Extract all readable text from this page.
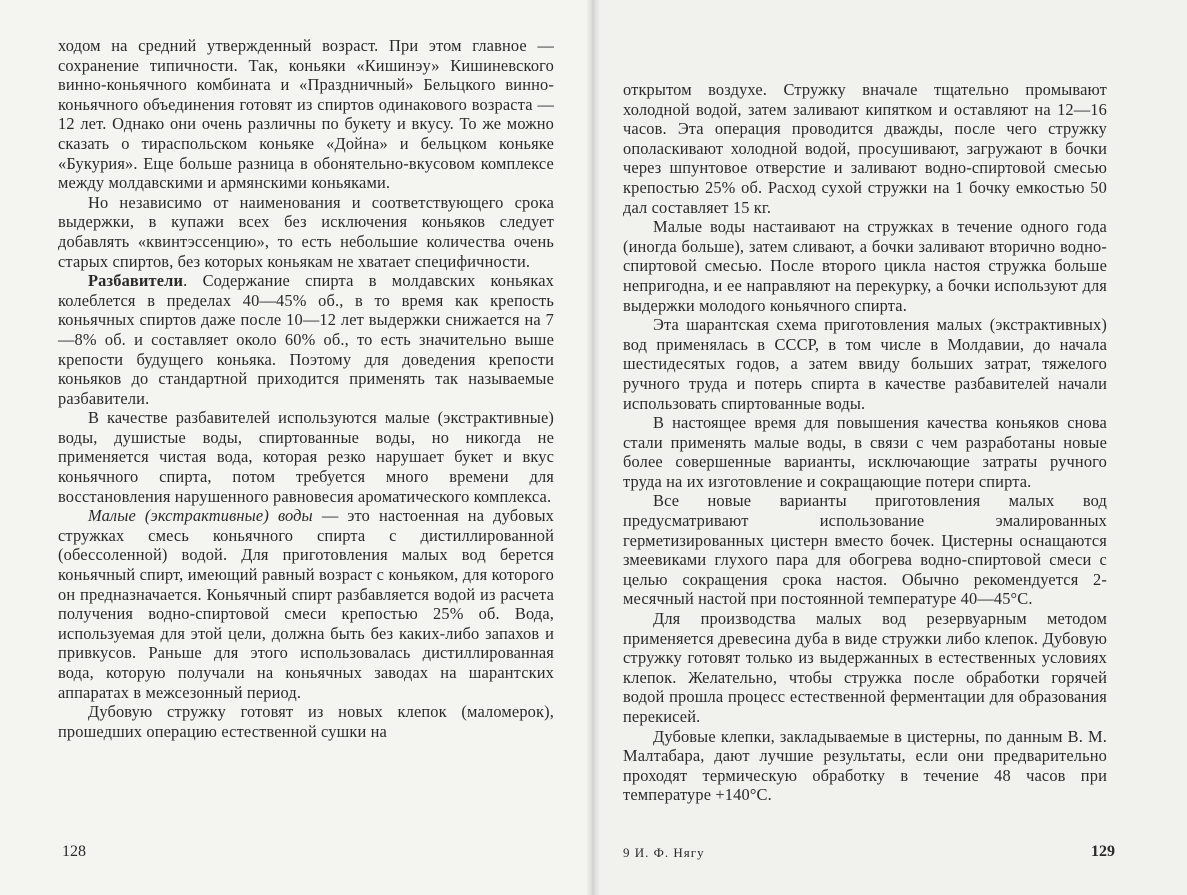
ходом на средний утвержденный возраст. При этом главное — сохранение типичности. Так, коньяки «Кишинэу» Кишиневского винно-коньячного комбината и «Праздничный» Бельцкого винно-коньячного объединения готовят из спиртов одинакового возраста — 12 лет. Однако они очень различны по букету и вкусу. То же можно сказать о тираспольском коньяке «Дойна» и бельцком коньяке «Букурия». Еще больше разница в обонятельно-вкусовом комплексе между молдавскими и армянскими коньяками.

Но независимо от наименования и соответствующего срока выдержки, в купажи всех без исключения коньяков следует добавлять «квинтэссенцию», то есть небольшие количества очень старых спиртов, без которых коньякам не хватает специфичности.

Разбавители. Содержание спирта в молдавских коньяках колеблется в пределах 40—45% об., в то время как крепость коньячных спиртов даже после 10—12 лет выдержки снижается на 7—8% об. и составляет около 60% об., то есть значительно выше крепости будущего коньяка. Поэтому для доведения крепости коньяков до стандартной приходится применять так называемые разбавители.

В качестве разбавителей используются малые (экстрактивные) воды, душистые воды, спиртованные воды, но никогда не применяется чистая вода, которая резко нарушает букет и вкус коньячного спирта, потом требуется много времени для восстановления нарушенного равновесия ароматического комплекса.

Малые (экстрактивные) воды — это настоенная на дубовых стружках смесь коньячного спирта с дистиллированной (обессоленной) водой. Для приготовления малых вод берется коньячный спирт, имеющий равный возраст с коньяком, для которого он предназначается. Коньячный спирт разбавляется водой из расчета получения водно-спиртовой смеси крепостью 25% об. Вода, используемая для этой цели, должна быть без каких-либо запахов и привкусов. Раньше для этого использовалась дистиллированная вода, которую получали на коньячных заводах на шарантских аппаратах в межсезонный период.

Дубовую стружку готовят из новых клепок (маломерок), прошедших операцию естественной сушки на

128

открытом воздухе. Стружку вначале тщательно промывают холодной водой, затем заливают кипятком и оставляют на 12—16 часов. Эта операция проводится дважды, после чего стружку ополаскивают холодной водой, просушивают, загружают в бочки через шпунтовое отверстие и заливают водно-спиртовой смесью крепостью 25% об. Расход сухой стружки на 1 бочку емкостью 50 дал составляет 15 кг.

Малые воды настаивают на стружках в течение одного года (иногда больше), затем сливают, а бочки заливают вторично водно-спиртовой смесью. После второго цикла настоя стружка больше непригодна, и ее направляют на перекурку, а бочки используют для выдержки молодого коньячного спирта.

Эта шарантская схема приготовления малых (экстрактивных) вод применялась в СССР, в том числе в Молдавии, до начала шестидесятых годов, а затем ввиду больших затрат, тяжелого ручного труда и потерь спирта в качестве разбавителей начали использовать спиртованные воды.

В настоящее время для повышения качества коньяков снова стали применять малые воды, в связи с чем разработаны новые более совершенные варианты, исключающие затраты ручного труда на их изготовление и сокращающие потери спирта.

Все новые варианты приготовления малых вод предусматривают использование эмалированных герметизированных цистерн вместо бочек. Цистерны оснащаются змеевиками глухого пара для обогрева водно-спиртовой смеси с целью сокращения срока настоя. Обычно рекомендуется 2-месячный настой при постоянной температуре 40—45°С.

Для производства малых вод резервуарным методом применяется древесина дуба в виде стружки либо клепок. Дубовую стружку готовят только из выдержанных в естественных условиях клепок. Желательно, чтобы стружка после обработки горячей водой прошла процесс естественной ферментации для образования перекисей.

Дубовые клепки, закладываемые в цистерны, по данным В. М. Малтабара, дают лучшие результаты, если они предварительно проходят термическую обработку в течение 48 часов при температуре +140°С.

9 И. Ф. Нягу	129
